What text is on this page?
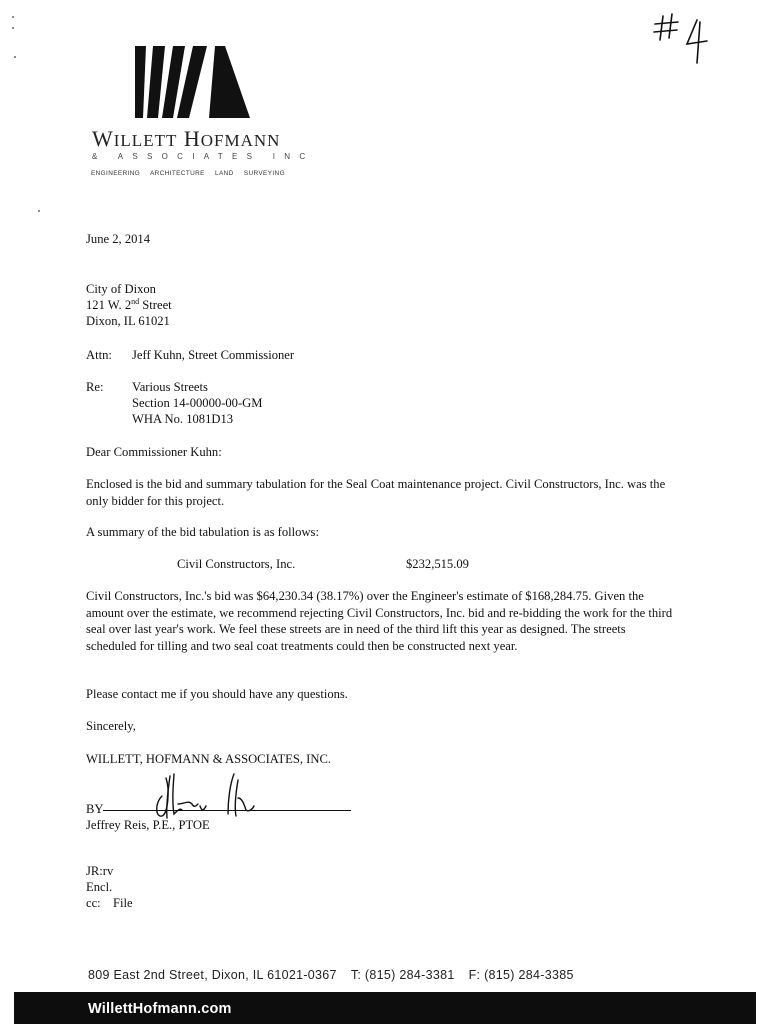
WILLETT HOFMANN
& ASSOCIATES INC
ENGINEERING ARCHITECTURE LAND SURVEYING
June 2, 2014
City of Dixon
121 W. 2nd Street
Dixon, IL 61021
Attn: Jeff Kuhn, Street Commissioner
Re: Various Streets
Section 14-00000-00-GM
WHA No. 1081D13
Dear Commissioner Kuhn:
Enclosed is the bid and summary tabulation for the Seal Coat maintenance project. Civil Constructors, Inc. was the only bidder for this project.
A summary of the bid tabulation is as follows:
Civil Constructors, Inc.	$232,515.09
Civil Constructors, Inc.'s bid was $64,230.34 (38.17%) over the Engineer's estimate of $168,284.75. Given the amount over the estimate, we recommend rejecting Civil Constructors, Inc. bid and re-bidding the work for the third seal over last year's work. We feel these streets are in need of the third lift this year as designed. The streets scheduled for tilling and two seal coat treatments could then be constructed next year.
Please contact me if you should have any questions.
Sincerely,
WILLETT, HOFMANN & ASSOCIATES, INC.
BY
Jeffrey Reis, P.E., PTOE
JR:rv
Encl.
cc: File
809 East 2nd Street, Dixon, IL 61021-0367 T: (815) 284-3381 F: (815) 284-3385
WillettHofmann.com
